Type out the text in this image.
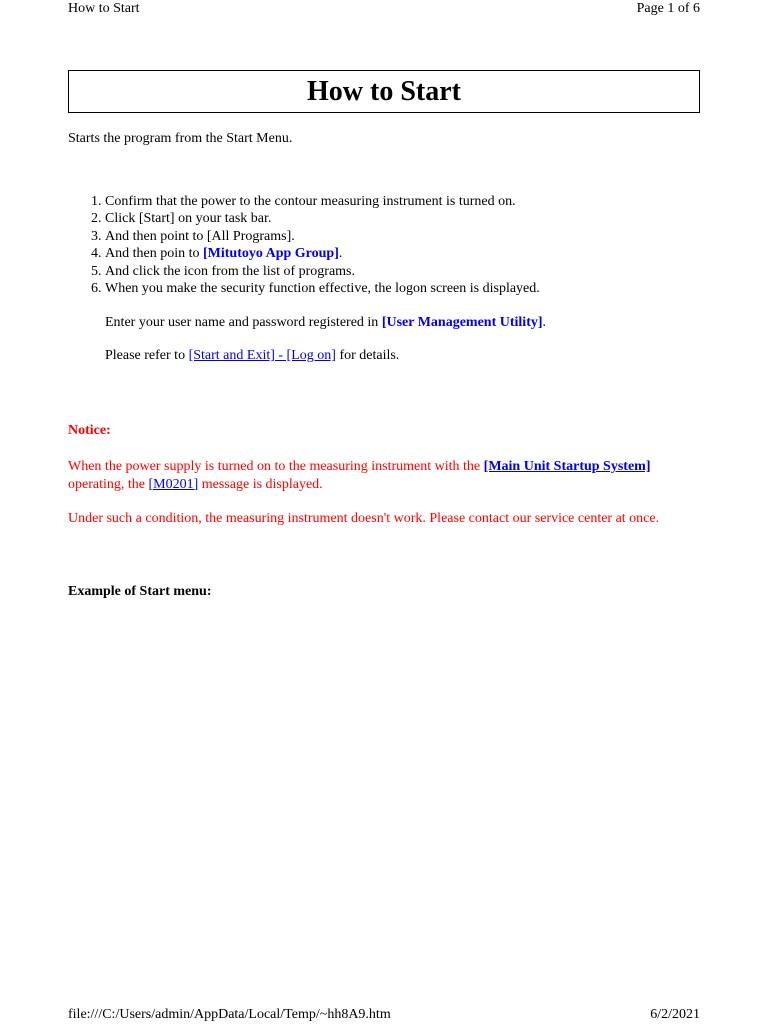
How to Start	Page 1 of 6
How to Start

Starts the program from the Start Menu.

1. Confirm that the power to the contour measuring instrument is turned on.
2. Click [Start] on your task bar.
3. And then point to [All Programs].
4. And then poin to [Mitutoyo App Group].
5. And click the icon from the list of programs.
6. When you make the security function effective, the logon screen is displayed.

Enter your user name and password registered in [User Management Utility].

Please refer to [Start and Exit] - [Log on] for details.

Notice:

When the power supply is turned on to the measuring instrument with the [Main Unit Startup System] operating, the [M0201] message is displayed.

Under such a condition, the measuring instrument doesn't work. Please contact our service center at once.

Example of Start menu:

file:///C:/Users/admin/AppData/Local/Temp/~hh8A9.htm	6/2/2021
